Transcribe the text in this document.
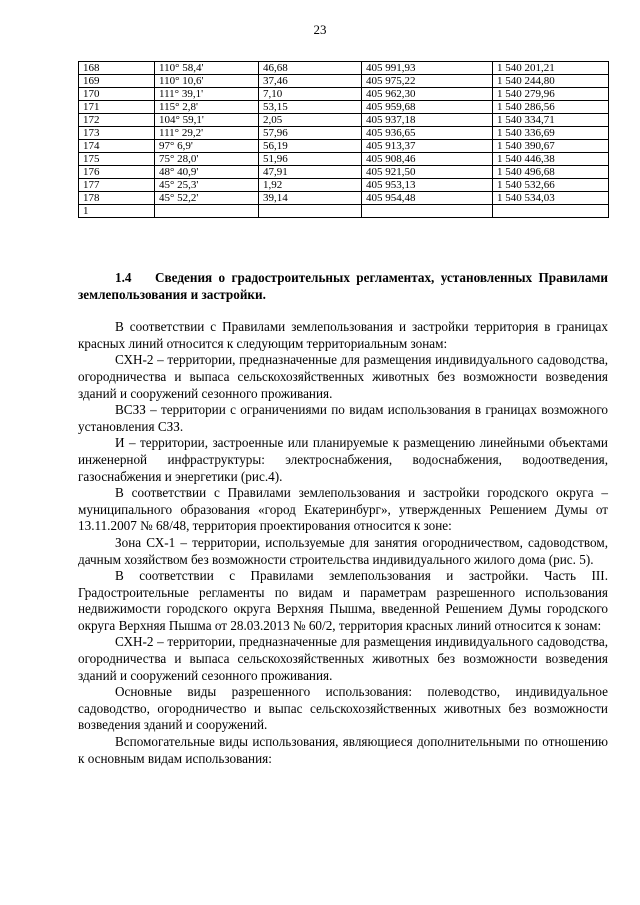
23
168	110° 58,4'	46,68	405 991,93	1 540 201,21
169	110° 10,6'	37,46	405 975,22	1 540 244,80
170	111° 39,1'	7,10	405 962,30	1 540 279,96
171	115° 2,8'	53,15	405 959,68	1 540 286,56
172	104° 59,1'	2,05	405 937,18	1 540 334,71
173	111° 29,2'	57,96	405 936,65	1 540 336,69
174	97° 6,9'	56,19	405 913,37	1 540 390,67
175	75° 28,0'	51,96	405 908,46	1 540 446,38
176	48° 40,9'	47,91	405 921,50	1 540 496,68
177	45° 25,3'	1,92	405 953,13	1 540 532,66
178	45° 52,2'	39,14	405 954,48	1 540 534,03
1				
1.4 Сведения о градостроительных регламентах, установленных Правилами землепользования и застройки.

В соответствии с Правилами землепользования и застройки территория в границах красных линий относится к следующим территориальным зонам:

СХН-2 – территории, предназначенные для размещения индивидуального садоводства, огородничества и выпаса сельскохозяйственных животных без возможности возведения зданий и сооружений сезонного проживания.

ВСЗЗ – территории с ограничениями по видам использования в границах возможного установления СЗЗ.

И – территории, застроенные или планируемые к размещению линейными объектами инженерной инфраструктуры: электроснабжения, водоснабжения, водоотведения, газоснабжения и энергетики (рис.4).

В соответствии с Правилами землепользования и застройки городского округа – муниципального образования «город Екатеринбург», утвержденных Решением Думы от 13.11.2007 № 68/48, территория проектирования относится к зоне:

Зона СХ-1 – территории, используемые для занятия огородничеством, садоводством, дачным хозяйством без возможности строительства индивидуального жилого дома (рис. 5).

В соответствии с Правилами землепользования и застройки. Часть III. Градостроительные регламенты по видам и параметрам разрешенного использования недвижимости городского округа Верхняя Пышма, введенной Решением Думы городского округа Верхняя Пышма от 28.03.2013 № 60/2, территория красных линий относится к зонам:

СХН-2 – территории, предназначенные для размещения индивидуального садоводства, огородничества и выпаса сельскохозяйственных животных без возможности возведения зданий и сооружений сезонного проживания.

Основные виды разрешенного использования: полеводство, индивидуальное садоводство, огородничество и выпас сельскохозяйственных животных без возможности возведения зданий и сооружений.

Вспомогательные виды использования, являющиеся дополнительными по отношению к основным видам использования:
